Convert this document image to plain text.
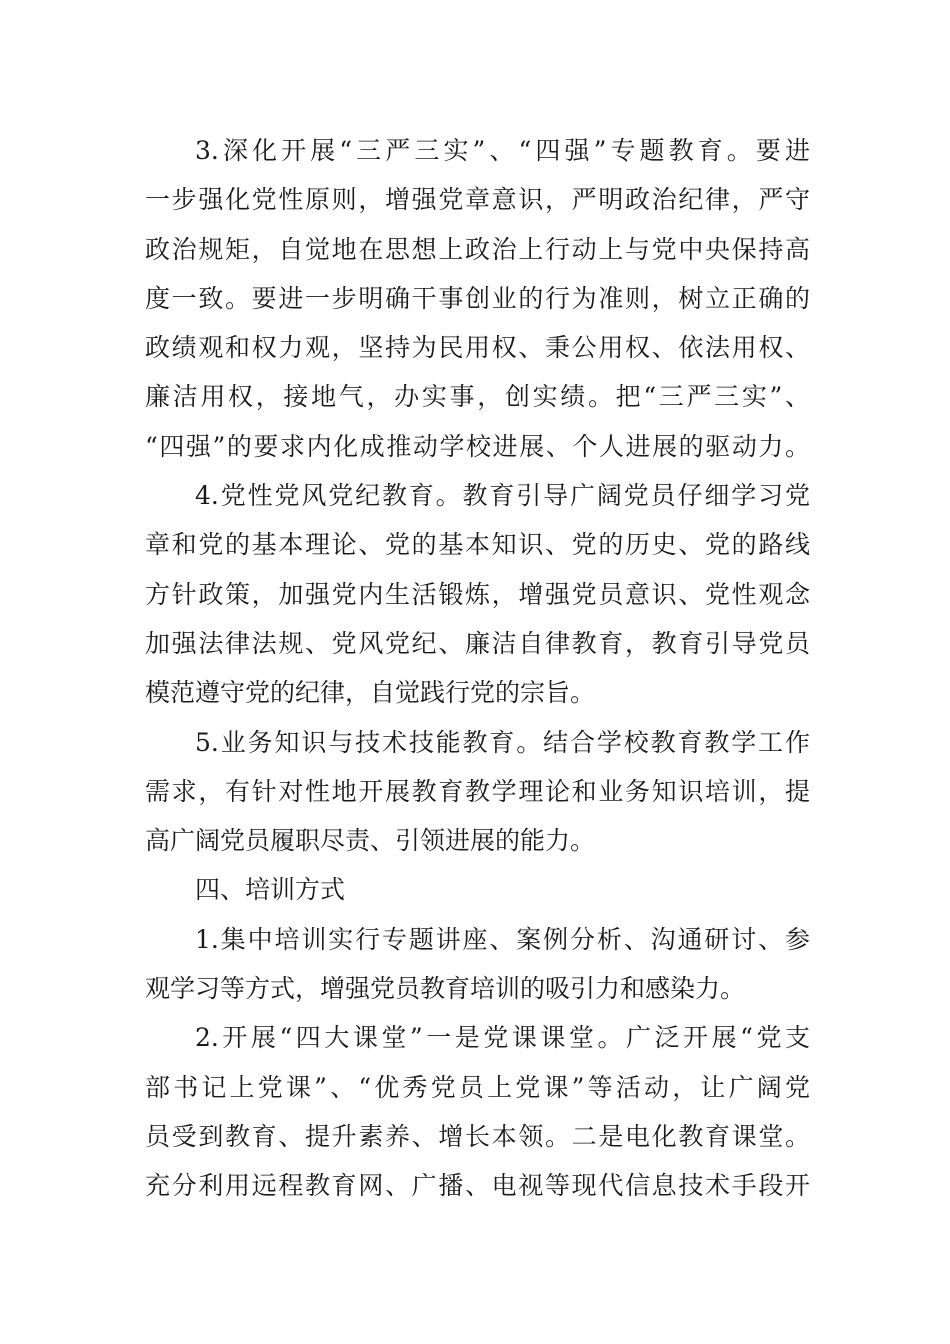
3.深化开展“三严三实”、“四强”专题教育。要进
一步强化党性原则，增强党章意识，严明政治纪律，严守
政治规矩，自觉地在思想上政治上行动上与党中央保持高
度一致。要进一步明确干事创业的行为准则，树立正确的
政绩观和权力观，坚持为民用权、秉公用权、依法用权、
廉洁用权，接地气，办实事，创实绩。把“三严三实”、
“四强”的要求内化成推动学校进展、个人进展的驱动力。
4.党性党风党纪教育。教育引导广阔党员仔细学习党
章和党的基本理论、党的基本知识、党的历史、党的路线
方针政策，加强党内生活锻炼，增强党员意识、党性观念
加强法律法规、党风党纪、廉洁自律教育，教育引导党员
模范遵守党的纪律，自觉践行党的宗旨。
5.业务知识与技术技能教育。结合学校教育教学工作
需求，有针对性地开展教育教学理论和业务知识培训，提
高广阔党员履职尽责、引领进展的能力。
四、培训方式
1.集中培训实行专题讲座、案例分析、沟通研讨、参
观学习等方式，增强党员教育培训的吸引力和感染力。
2.开展“四大课堂”一是党课课堂。广泛开展“党支
部书记上党课”、“优秀党员上党课”等活动，让广阔党
员受到教育、提升素养、增长本领。二是电化教育课堂。
充分利用远程教育网、广播、电视等现代信息技术手段开
